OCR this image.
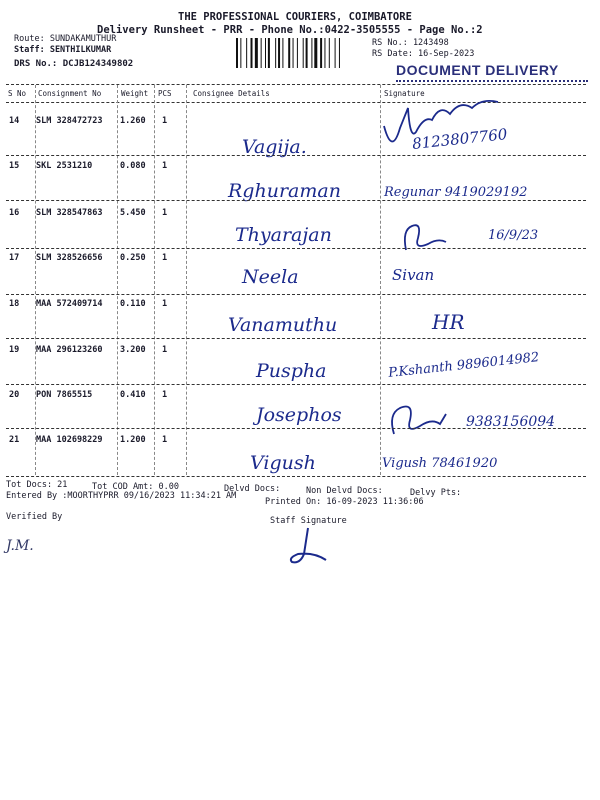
THE PROFESSIONAL COURIERS, COIMBATORE
Delivery Runsheet - PRR - Phone No.:0422-3505555 - Page No.:2
Route: SUNDAKAMUTHUR
Staff: SENTHILKUMAR
DRS No.: DCJB124349802
RS No.: 1243498
RS Date: 16-Sep-2023
DOCUMENT DELIVERY
S No Consignment No	Weight PCS	Consignee Details	Signature
14 SLM 328472723 1.260 1
Vagija.	8123807760
15 SKL 2531210	0.080 1
Rghuraman	Regunar 9419029192
16 SLM 328547863 5.450 1
Thyarajan	16/9/23
17 SLM 328526656 0.250 1
Neela	Sivan
18 MAA 572409714 0.110 1
Vanamuthu	HR
19 MAA 296123260 3.200 1
Puspha	P.Kshanth 9896014982
20 PON 7865515	0.410 1
Josephos	9383156094
21 MAA 102698229 1.200 1
Vigush	Vigush 78461920
Tot Docs: 21	Tot COD Amt: 0.00	Delvd Docs:	Non Delvd Docs:	Delvy Pts:
Entered By :MOORTHYPRR 09/16/2023 11:34:21 AM
Printed On: 16-09-2023 11:36:06
Verified By	Staff Signature
J.M.
